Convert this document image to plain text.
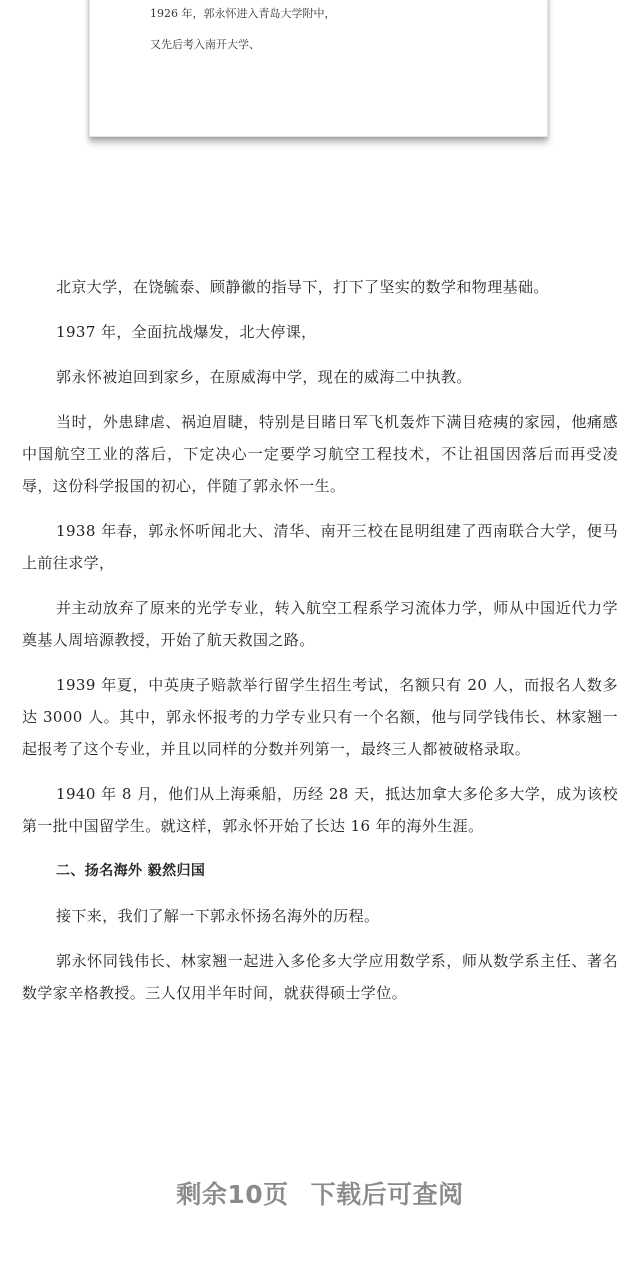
1926 年，郭永怀进入青岛大学附中，
又先后考入南开大学、

北京大学，在饶毓泰、顾静徽的指导下，打下了坚实的数学和物理基础。

1937 年，全面抗战爆发，北大停课，

郭永怀被迫回到家乡，在原威海中学，现在的威海二中执教。

当时，外患肆虐、祸迫眉睫，特别是目睹日军飞机轰炸下满目疮痍的家园，他痛感中国航空工业的落后，下定决心一定要学习航空工程技术，不让祖国因落后而再受凌辱，这份科学报国的初心，伴随了郭永怀一生。

1938 年春，郭永怀听闻北大、清华、南开三校在昆明组建了西南联合大学，便马上前往求学，

并主动放弃了原来的光学专业，转入航空工程系学习流体力学，师从中国近代力学奠基人周培源教授，开始了航天救国之路。

1939 年夏，中英庚子赔款举行留学生招生考试，名额只有 20 人，而报名人数多达 3000 人。其中，郭永怀报考的力学专业只有一个名额，他与同学钱伟长、林家翘一起报考了这个专业，并且以同样的分数并列第一，最终三人都被破格录取。

1940 年 8 月，他们从上海乘船，历经 28 天，抵达加拿大多伦多大学，成为该校第一批中国留学生。就这样，郭永怀开始了长达 16 年的海外生涯。

二、扬名海外 毅然归国

接下来，我们了解一下郭永怀扬名海外的历程。

郭永怀同钱伟长、林家翘一起进入多伦多大学应用数学系，师从数学系主任、著名数学家辛格教授。三人仅用半年时间，就获得硕士学位。

剩余10页 下载后可查阅
